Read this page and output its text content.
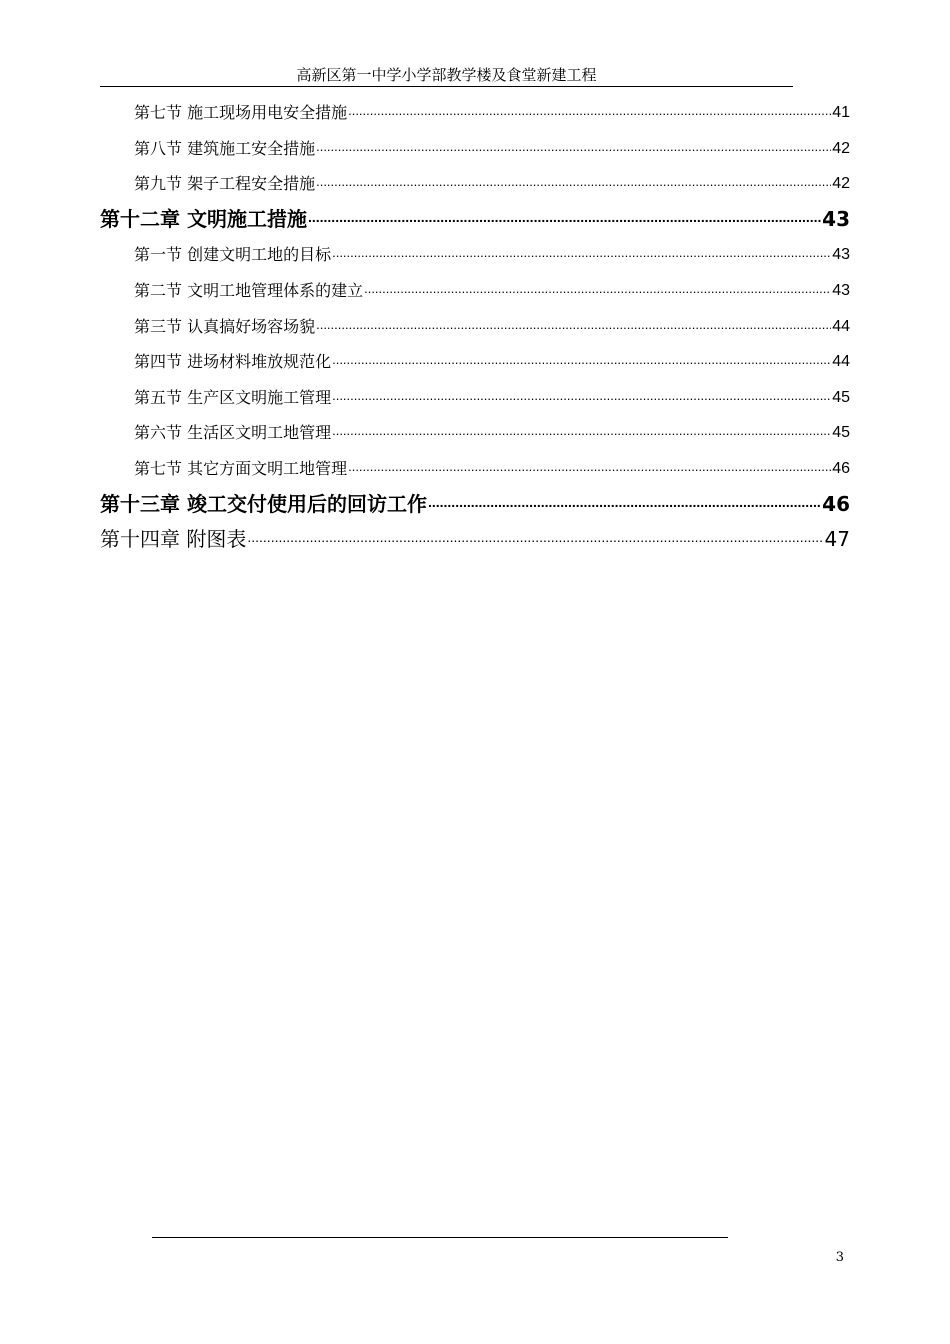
高新区第一中学小学部教学楼及食堂新建工程
第七节 施工现场用电安全措施 .....	41
第八节 建筑施工安全措施 .....	42
第九节 架子工程安全措施 .....	42
第十二章 文明施工措施 .....	43
第一节 创建文明工地的目标 .....	43
第二节 文明工地管理体系的建立 .....	43
第三节 认真搞好场容场貌 .....	44
第四节 进场材料堆放规范化 .....	44
第五节 生产区文明施工管理 .....	45
第六节 生活区文明工地管理 .....	45
第七节 其它方面文明工地管理 .....	46
第十三章 竣工交付使用后的回访工作 .....	46
第十四章 附图表 .....	47
3
